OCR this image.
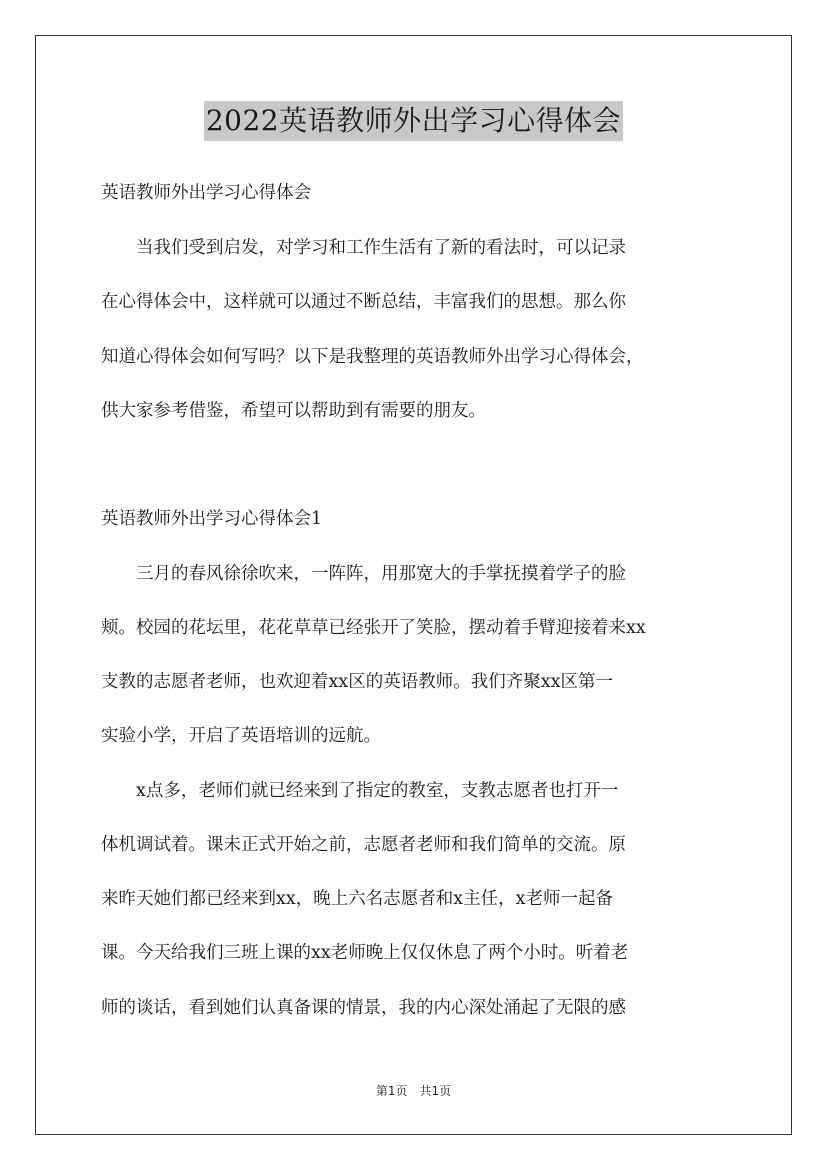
2022英语教师外出学习心得体会
英语教师外出学习心得体会
　　当我们受到启发，对学习和工作生活有了新的看法时，可以记录
在心得体会中，这样就可以通过不断总结，丰富我们的思想。那么你
知道心得体会如何写吗？以下是我整理的英语教师外出学习心得体会，
供大家参考借鉴，希望可以帮助到有需要的朋友。
英语教师外出学习心得体会1
　　三月的春风徐徐吹来，一阵阵，用那宽大的手掌抚摸着学子的脸
颊。校园的花坛里，花花草草已经张开了笑脸，摆动着手臂迎接着来xx
支教的志愿者老师，也欢迎着xx区的英语教师。我们齐聚xx区第一
实验小学，开启了英语培训的远航。
　　x点多，老师们就已经来到了指定的教室，支教志愿者也打开一
体机调试着。课未正式开始之前，志愿者老师和我们简单的交流。原
来昨天她们都已经来到xx，晚上六名志愿者和x主任，x老师一起备
课。今天给我们三班上课的xx老师晚上仅仅休息了两个小时。听着老
师的谈话，看到她们认真备课的情景，我的内心深处涌起了无限的感
第1页　共1页
